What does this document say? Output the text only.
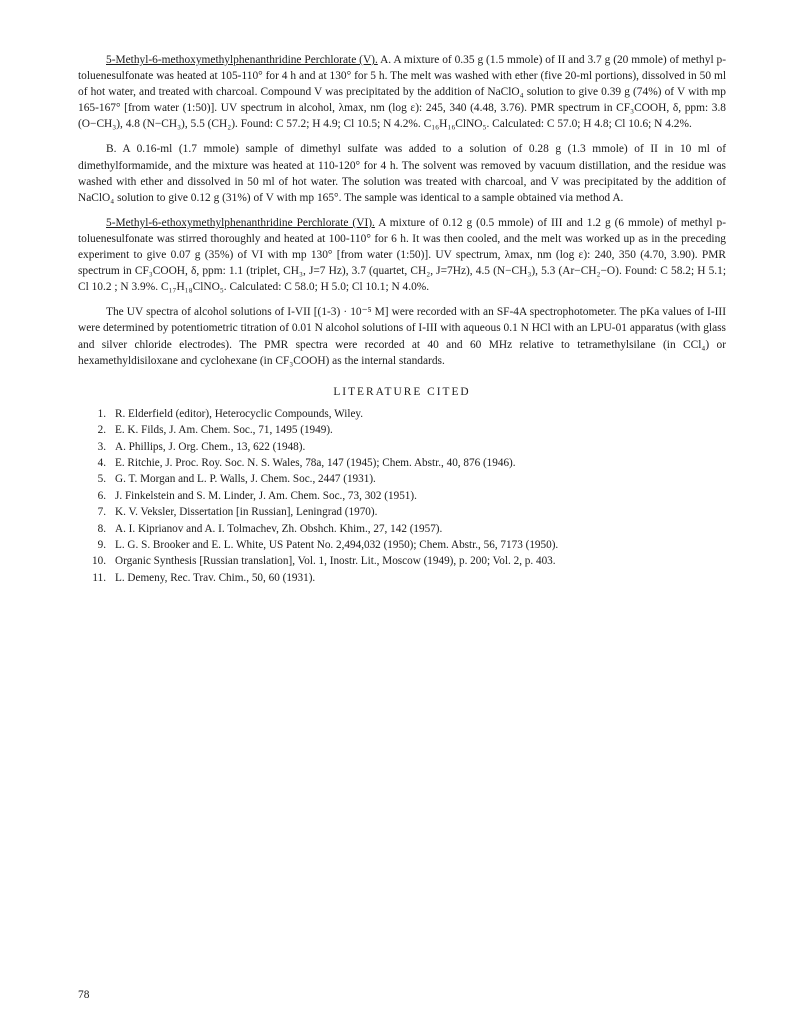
5-Methyl-6-methoxymethylphenanthridine Perchlorate (V). A. A mixture of 0.35 g (1.5 mmole) of II and 3.7 g (20 mmole) of methyl p-toluenesulfonate was heated at 105-110° for 4 h and at 130° for 5 h. The melt was washed with ether (five 20-ml portions), dissolved in 50 ml of hot water, and treated with charcoal. Compound V was precipitated by the addition of NaClO₄ solution to give 0.39 g (74%) of V with mp 165-167° [from water (1:50)]. UV spectrum in alcohol, λmax, nm (log ε): 245, 340 (4.48, 3.76). PMR spectrum in CF₃COOH, δ, ppm: 3.8 (O−CH₃), 4.8 (N−CH₃), 5.5 (CH₂). Found: C 57.2; H 4.9; Cl 10.5; N 4.2%. C₁₆H₁₆ClNO₅. Calculated: C 57.0; H 4.8; Cl 10.6; N 4.2%.

B. A 0.16-ml (1.7 mmole) sample of dimethyl sulfate was added to a solution of 0.28 g (1.3 mmole) of II in 10 ml of dimethylformamide, and the mixture was heated at 110-120° for 4 h. The solvent was removed by vacuum distillation, and the residue was washed with ether and dissolved in 50 ml of hot water. The solution was treated with charcoal, and V was precipitated by the addition of NaClO₄ solution to give 0.12 g (31%) of V with mp 165°. The sample was identical to a sample obtained via method A.

5-Methyl-6-ethoxymethylphenanthridine Perchlorate (VI). A mixture of 0.12 g (0.5 mmole) of III and 1.2 g (6 mmole) of methyl p-toluenesulfonate was stirred thoroughly and heated at 100-110° for 6 h. It was then cooled, and the melt was worked up as in the preceding experiment to give 0.07 g (35%) of VI with mp 130° [from water (1:50)]. UV spectrum, λmax, nm (log ε): 240, 350 (4.70, 3.90). PMR spectrum in CF₃COOH, δ, ppm: 1.1 (triplet, CH₃, J=7 Hz), 3.7 (quartet, CH₂, J=7Hz), 4.5 (N−CH₃), 5.3 (Ar−CH₂−O). Found: C 58.2; H 5.1; Cl 10.2 ; N 3.9%. C₁₇H₁₈ClNO₅. Calculated: C 58.0; H 5.0; Cl 10.1; N 4.0%.

The UV spectra of alcohol solutions of I-VII [(1-3) · 10⁻⁵ M] were recorded with an SF-4A spectrophotometer. The pKa values of I-III were determined by potentiometric titration of 0.01 N alcohol solutions of I-III with aqueous 0.1 N HCl with an LPU-01 apparatus (with glass and silver chloride electrodes). The PMR spectra were recorded at 40 and 60 MHz relative to tetramethylsilane (in CCl₄) or hexamethyldisiloxane and cyclohexane (in CF₃COOH) as the internal standards.

LITERATURE CITED
1. R. Elderfield (editor), Heterocyclic Compounds, Wiley.
2. E. K. Filds, J. Am. Chem. Soc., 71, 1495 (1949).
3. A. Phillips, J. Org. Chem., 13, 622 (1948).
4. E. Ritchie, J. Proc. Roy. Soc. N. S. Wales, 78a, 147 (1945); Chem. Abstr., 40, 876 (1946).
5. G. T. Morgan and L. P. Walls, J. Chem. Soc., 2447 (1931).
6. J. Finkelstein and S. M. Linder, J. Am. Chem. Soc., 73, 302 (1951).
7. K. V. Veksler, Dissertation [in Russian], Leningrad (1970).
8. A. I. Kiprianov and A. I. Tolmachev, Zh. Obshch. Khim., 27, 142 (1957).
9. L. G. S. Brooker and E. L. White, US Patent No. 2,494,032 (1950); Chem. Abstr., 56, 7173 (1950).
10. Organic Synthesis [Russian translation], Vol. 1, Inostr. Lit., Moscow (1949), p. 200; Vol. 2, p. 403.
11. L. Demeny, Rec. Trav. Chim., 50, 60 (1931).
78
